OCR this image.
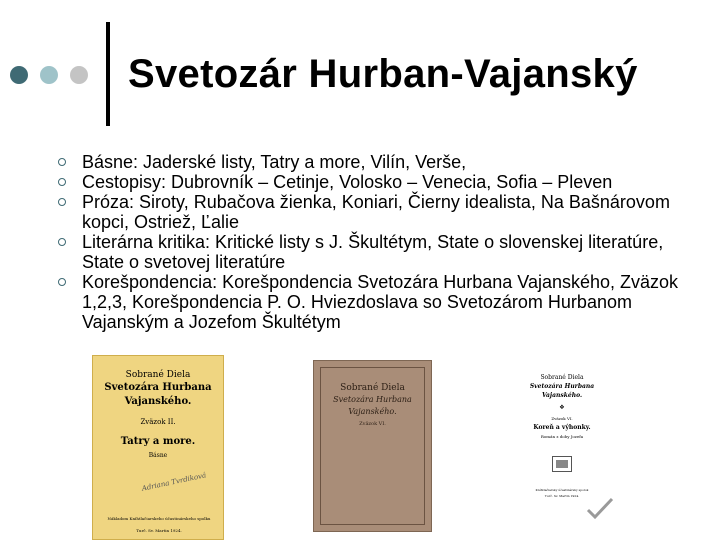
Svetozár Hurban-Vajanský
Básne: Jaderské listy, Tatry a more, Vilín, Verše,
Cestopisy: Dubrovník – Cetinje, Volosko – Venecia, Sofia – Pleven
Próza: Siroty, Rubačova žienka, Koniari, Čierny idealista, Na Bašnárovom kopci, Ostriež, Ľalie
Literárna kritika: Kritické listy s J. Škultétym, State o slovenskej literatúre, State o svetovej literatúre
Korešpondencia: Korešpondencia Svetozára Hurbana Vajanského, Zväzok 1,2,3, Korešpondencia P. O. Hviezdoslava so Svetozárom Hurbanom Vajanským a Jozefom Škultétym
Sobrané Diela
Svetozára Hurbana
Vajanského.
Zväzok II.
Tatry a more.
Básne
Adriana Tvrdiková
Nákladom Kníhtlačiarskeho účastinárskeho spolku
Turč. Sv. Martin 1924.
Sobrané Diela
Svetozára Hurbana
Vajanského.
Zväzok VI.
Sobrané Diela
Svetozára Hurbana
Vajanského.
❖
Zväzok VI.
Koreň a výhonky.
Román z doby Jozefa
Kníhtlačiarsky účastinársky spolok
Turč. Sv. Martin 1924.
